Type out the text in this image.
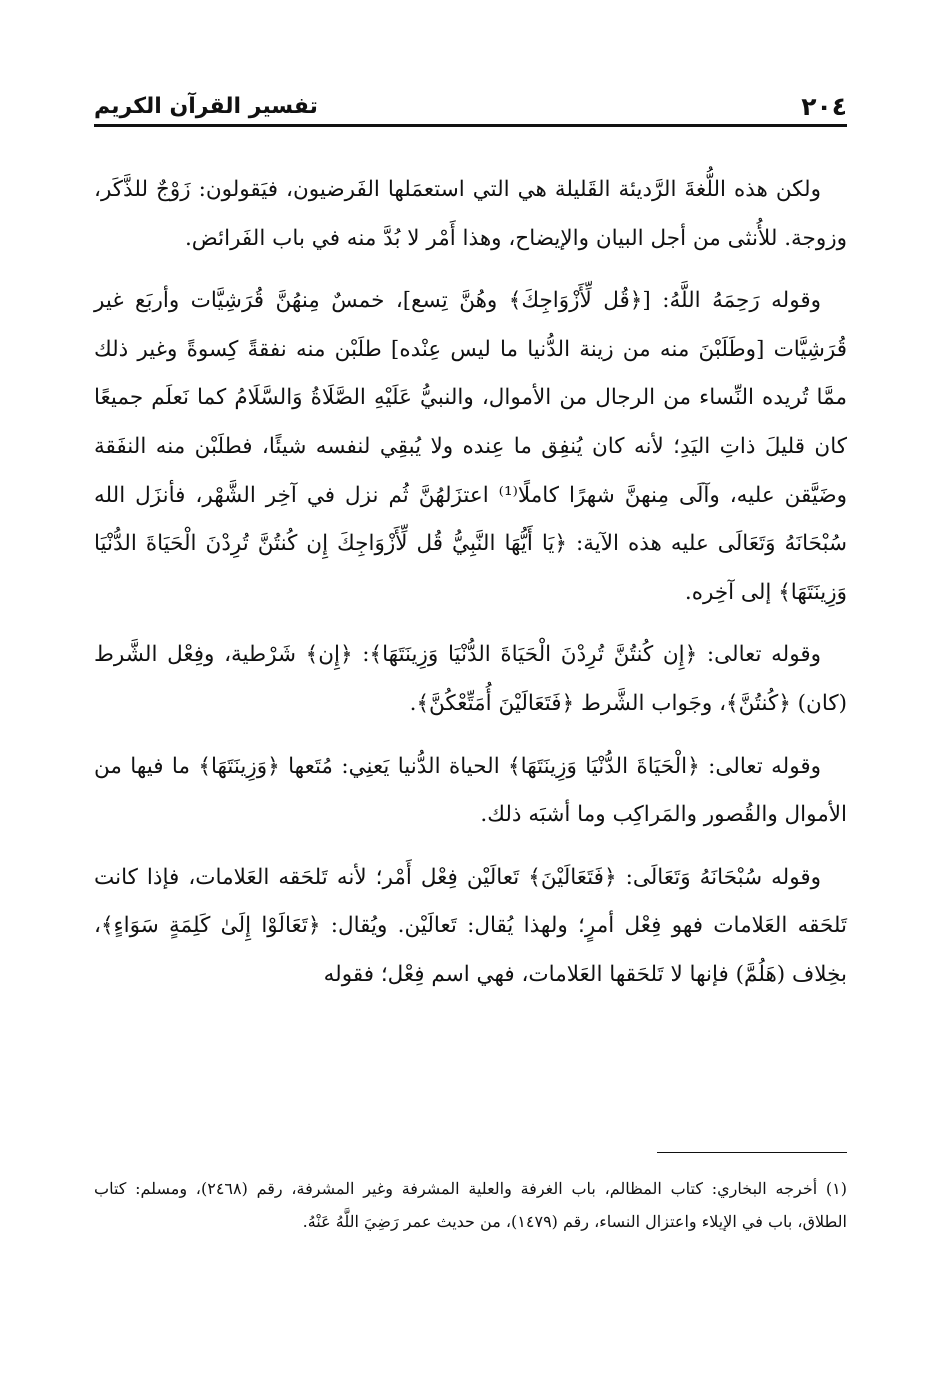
٢٠٤
تفسير القرآن الكريم

ولكن هذه اللُّغةَ الرَّديئة القَليلة هي التي استعمَلها الفَرضيون، فيَقولون: زَوْجٌ للذَّكَر، وزوجة. للأُنثى من أجل البيان والإيضاح، وهذا أَمْر لا بُدَّ منه في باب الفَرائض.

وقوله رَحِمَهُ اللَّهُ: [﴿قُل لِّأَزْوَاجِكَ﴾ وهُنَّ تِسع]، خمسٌ مِنهُنَّ قُرَشِيَّات وأربَع غير قُرَشِيَّات [وطَلَبْنَ منه من زينة الدُّنيا ما ليس عِنْده] طلَبْن منه نفقةً كِسوةً وغير ذلك ممَّا تُريده النِّساء من الرجال من الأموال، والنبيُّ عَلَيْهِ الصَّلَاةُ وَالسَّلَامُ كما نَعلَم جميعًا كان قليلَ ذاتِ اليَدِ؛ لأنه كان يُنفِق ما عِنده ولا يُبقِي لنفسه شيئًا، فطلَبْن منه النفَقة وضَيَّقن عليه، وآلَى مِنهنَّ شهرًا كاملًا⁽¹⁾ اعتزَلهُنَّ ثُم نزل في آخِر الشَّهْر، فأنزَل الله سُبْحَانَهُ وَتَعَالَى عليه هذه الآية: ﴿يَا أَيُّهَا النَّبِيُّ قُل لِّأَزْوَاجِكَ إِن كُنتُنَّ تُرِدْنَ الْحَيَاةَ الدُّنْيَا وَزِينَتَهَا﴾ إلى آخِره.

وقوله تعالى: ﴿إِن كُنتُنَّ تُرِدْنَ الْحَيَاةَ الدُّنْيَا وَزِينَتَهَا﴾: ﴿إِن﴾ شَرْطية، وفِعْل الشَّرط (كان) ﴿كُنتُنَّ﴾، وجَواب الشَّرط ﴿فَتَعَالَيْنَ أُمَتِّعْكُنَّ﴾.

وقوله تعالى: ﴿الْحَيَاةَ الدُّنْيَا وَزِينَتَهَا﴾ الحياة الدُّنيا يَعنِي: مُتَعها ﴿وَزِينَتَهَا﴾ ما فيها من الأموال والقُصور والمَراكِب وما أشبَه ذلك.

وقوله سُبْحَانَهُ وَتَعَالَى: ﴿فَتَعَالَيْنَ﴾ تَعالَيْن فِعْل أَمْر؛ لأنه تَلحَقه العَلامات، فإذا كانت تَلحَقه العَلامات فهو فِعْل أمرٍ؛ ولهذا يُقال: تَعالَيْن. ويُقال: ﴿تَعَالَوْا إِلَىٰ كَلِمَةٍ سَوَاءٍ﴾، بخِلاف (هَلُمَّ) فإنها لا تَلحَقها العَلامات، فهي اسم فِعْل؛ فقوله

(١) أخرجه البخاري: كتاب المظالم، باب الغرفة والعلية المشرفة وغير المشرفة، رقم (٢٤٦٨)، ومسلم: كتاب الطلاق، باب في الإيلاء واعتزال النساء، رقم (١٤٧٩)، من حديث عمر رَضِيَ اللَّهُ عَنْهُ.
